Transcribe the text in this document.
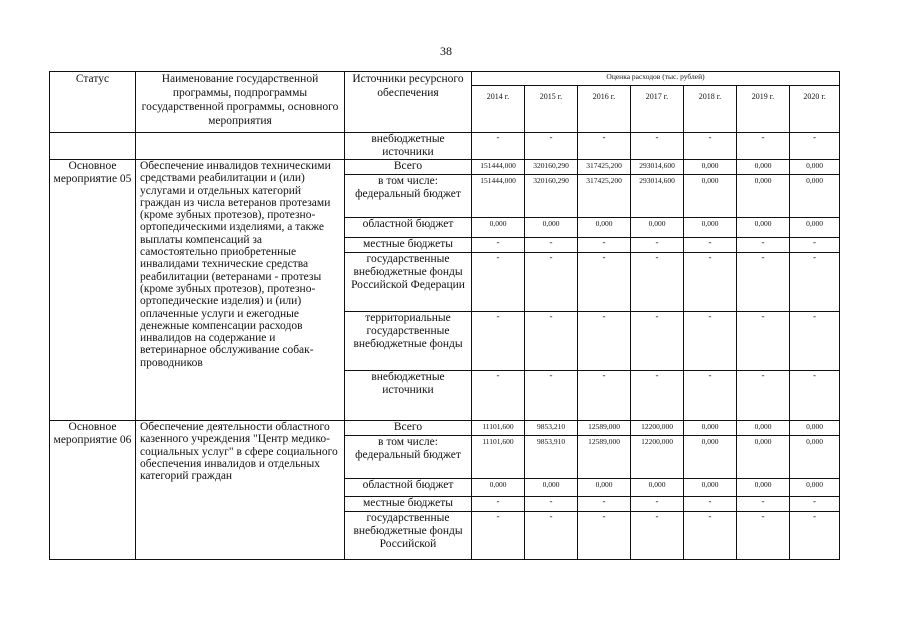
38
Статус	Наименование государственной программы, подпрограммы государственной программы, основного мероприятия	Источники ресурсного обеспечения	Оценка расходов (тыс. рублей)						
			2014 г.	2015 г.	2016 г.	2017 г.	2018 г.	2019 г.	2020 г.
		внебюджетные источники	-	-	-	-	-	-	-
Основное мероприятие 05	Обеспечение инвалидов техническими средствами реабилитации и (или) услугами и отдельных категорий граждан из числа ветеранов протезами (кроме зубных протезов), протезно-ортопедическими изделиями, а также выплаты компенсаций за самостоятельно приобретенные инвалидами технические средства реабилитации (ветеранами - протезы (кроме зубных протезов), протезно-ортопедические изделия) и (или) оплаченные услуги и ежегодные денежные компенсации расходов инвалидов на содержание и ветеринарное обслуживание собак-проводников	Всего	151444,000	320160,290	317425,200	293014,600	0,000	0,000	0,000
		в том числе: федеральный бюджет	151444,000	320160,290	317425,200	293014,600	0,000	0,000	0,000
		областной бюджет	0,000	0,000	0,000	0,000	0,000	0,000	0,000
		местные бюджеты	-	-	-	-	-	-	-
		государственные внебюджетные фонды Российской Федерации	-	-	-	-	-	-	-
		территориальные государственные внебюджетные фонды	-	-	-	-	-	-	-
		внебюджетные источники	-	-	-	-	-	-	-
Основное мероприятие 06	Обеспечение деятельности областного казенного учреждения "Центр медико-социальных услуг" в сфере социального обеспечения инвалидов и отдельных категорий граждан	Всего	11101,600	9853,210	12589,000	12200,000	0,000	0,000	0,000
		в том числе: федеральный бюджет	11101,600	9853,910	12589,000	12200,000	0,000	0,000	0,000
		областной бюджет	0,000	0,000	0,000	0,000	0,000	0,000	0,000
		местные бюджеты	-	-	-	-	-	-	-
		государственные внебюджетные фонды Российской	-	-	-	-	-	-	-
